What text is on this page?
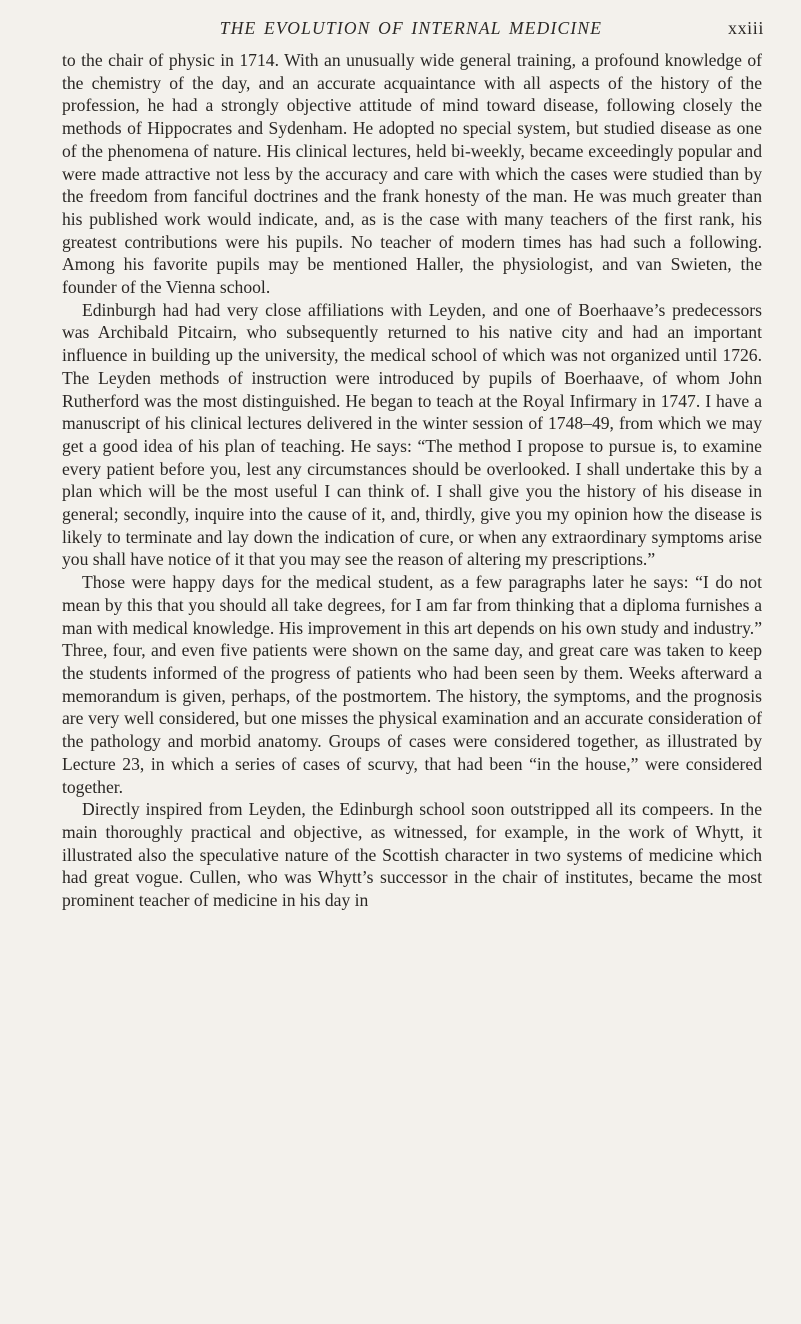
THE EVOLUTION OF INTERNAL MEDICINE	xxiii

to the chair of physic in 1714. With an unusually wide general training, a profound knowledge of the chemistry of the day, and an accurate acquaintance with all aspects of the history of the profession, he had a strongly objective attitude of mind toward disease, following closely the methods of Hippocrates and Sydenham. He adopted no special system, but studied disease as one of the phenomena of nature. His clinical lectures, held bi-weekly, became exceedingly popular and were made attractive not less by the accuracy and care with which the cases were studied than by the freedom from fanciful doctrines and the frank honesty of the man. He was much greater than his published work would indicate, and, as is the case with many teachers of the first rank, his greatest contributions were his pupils. No teacher of modern times has had such a following. Among his favorite pupils may be mentioned Haller, the physiologist, and van Swieten, the founder of the Vienna school.

Edinburgh had had very close affiliations with Leyden, and one of Boerhaave’s predecessors was Archibald Pitcairn, who subsequently returned to his native city and had an important influence in building up the university, the medical school of which was not organized until 1726. The Leyden methods of instruction were introduced by pupils of Boerhaave, of whom John Rutherford was the most distinguished. He began to teach at the Royal Infirmary in 1747. I have a manuscript of his clinical lectures delivered in the winter session of 1748–49, from which we may get a good idea of his plan of teaching. He says: “The method I propose to pursue is, to examine every patient before you, lest any circumstances should be overlooked. I shall undertake this by a plan which will be the most useful I can think of. I shall give you the history of his disease in general; secondly, inquire into the cause of it, and, thirdly, give you my opinion how the disease is likely to terminate and lay down the indication of cure, or when any extraordinary symptoms arise you shall have notice of it that you may see the reason of altering my prescriptions.”

Those were happy days for the medical student, as a few paragraphs later he says: “I do not mean by this that you should all take degrees, for I am far from thinking that a diploma furnishes a man with medical knowledge. His improvement in this art depends on his own study and industry.” Three, four, and even five patients were shown on the same day, and great care was taken to keep the students informed of the progress of patients who had been seen by them. Weeks afterward a memorandum is given, perhaps, of the postmortem. The history, the symptoms, and the prognosis are very well considered, but one misses the physical examination and an accurate consideration of the pathology and morbid anatomy. Groups of cases were considered together, as illustrated by Lecture 23, in which a series of cases of scurvy, that had been “in the house,” were considered together.

Directly inspired from Leyden, the Edinburgh school soon outstripped all its compeers. In the main thoroughly practical and objective, as witnessed, for example, in the work of Whytt, it illustrated also the speculative nature of the Scottish character in two systems of medicine which had great vogue. Cullen, who was Whytt’s successor in the chair of institutes, became the most prominent teacher of medicine in his day in
